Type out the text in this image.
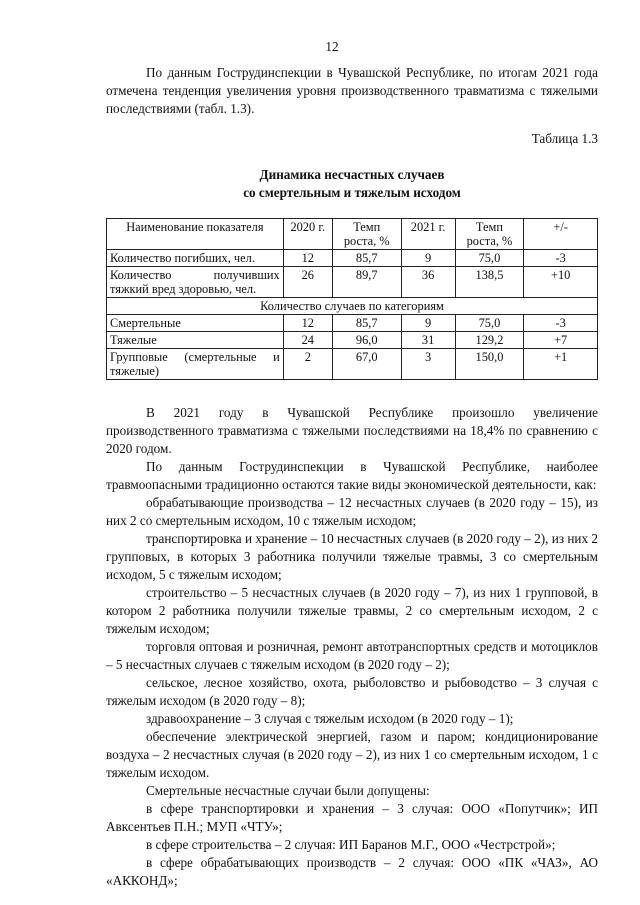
12

По данным Гострудинспекции в Чувашской Республике, по итогам 2021 года отмечена тенденция увеличения уровня производственного травматизма с тяжелыми последствиями (табл. 1.3).

Таблица 1.3
Динамика несчастных случаев
со смертельным и тяжелым исходом
Наименование показателя	2020 г.	Темп роста, %	2021 г.	Темп роста, %	+/-
Количество погибших, чел.	12	85,7	9	75,0	-3
Количество получивших тяжкий вред здоровью, чел.	26	89,7	36	138,5	+10
Количество случаев по категориям					
Смертельные	12	85,7	9	75,0	-3
Тяжелые	24	96,0	31	129,2	+7
Групповые (смертельные и тяжелые)	2	67,0	3	150,0	+1

В 2021 году в Чувашской Республике произошло увеличение производственного травматизма с тяжелыми последствиями на 18,4% по сравнению с 2020 годом.

По данным Гострудинспекции в Чувашской Республике, наиболее травмоопасными традиционно остаются такие виды экономической деятельности, как:

обрабатывающие производства – 12 несчастных случаев (в 2020 году – 15), из них 2 со смертельным исходом, 10 с тяжелым исходом;

транспортировка и хранение – 10 несчастных случаев (в 2020 году – 2), из них 2 групповых, в которых 3 работника получили тяжелые травмы, 3 со смертельным исходом, 5 с тяжелым исходом;

строительство – 5 несчастных случаев (в 2020 году – 7), из них 1 групповой, в котором 2 работника получили тяжелые травмы, 2 со смертельным исходом, 2 с тяжелым исходом;

торговля оптовая и розничная, ремонт автотранспортных средств и мотоциклов – 5 несчастных случаев с тяжелым исходом (в 2020 году – 2);

сельское, лесное хозяйство, охота, рыболовство и рыбоводство – 3 случая с тяжелым исходом (в 2020 году – 8);

здравоохранение – 3 случая с тяжелым исходом (в 2020 году – 1);

обеспечение электрической энергией, газом и паром; кондиционирование воздуха – 2 несчастных случая (в 2020 году – 2), из них 1 со смертельным исходом, 1 с тяжелым исходом.

Смертельные несчастные случаи были допущены:

в сфере транспортировки и хранения – 3 случая: ООО «Попутчик»; ИП Авксентьев П.Н.; МУП «ЧТУ»;

в сфере строительства – 2 случая: ИП Баранов М.Г., ООО «Честрстрой»;

в сфере обрабатывающих производств – 2 случая: ООО «ПК «ЧАЗ», АО «АККОНД»;
